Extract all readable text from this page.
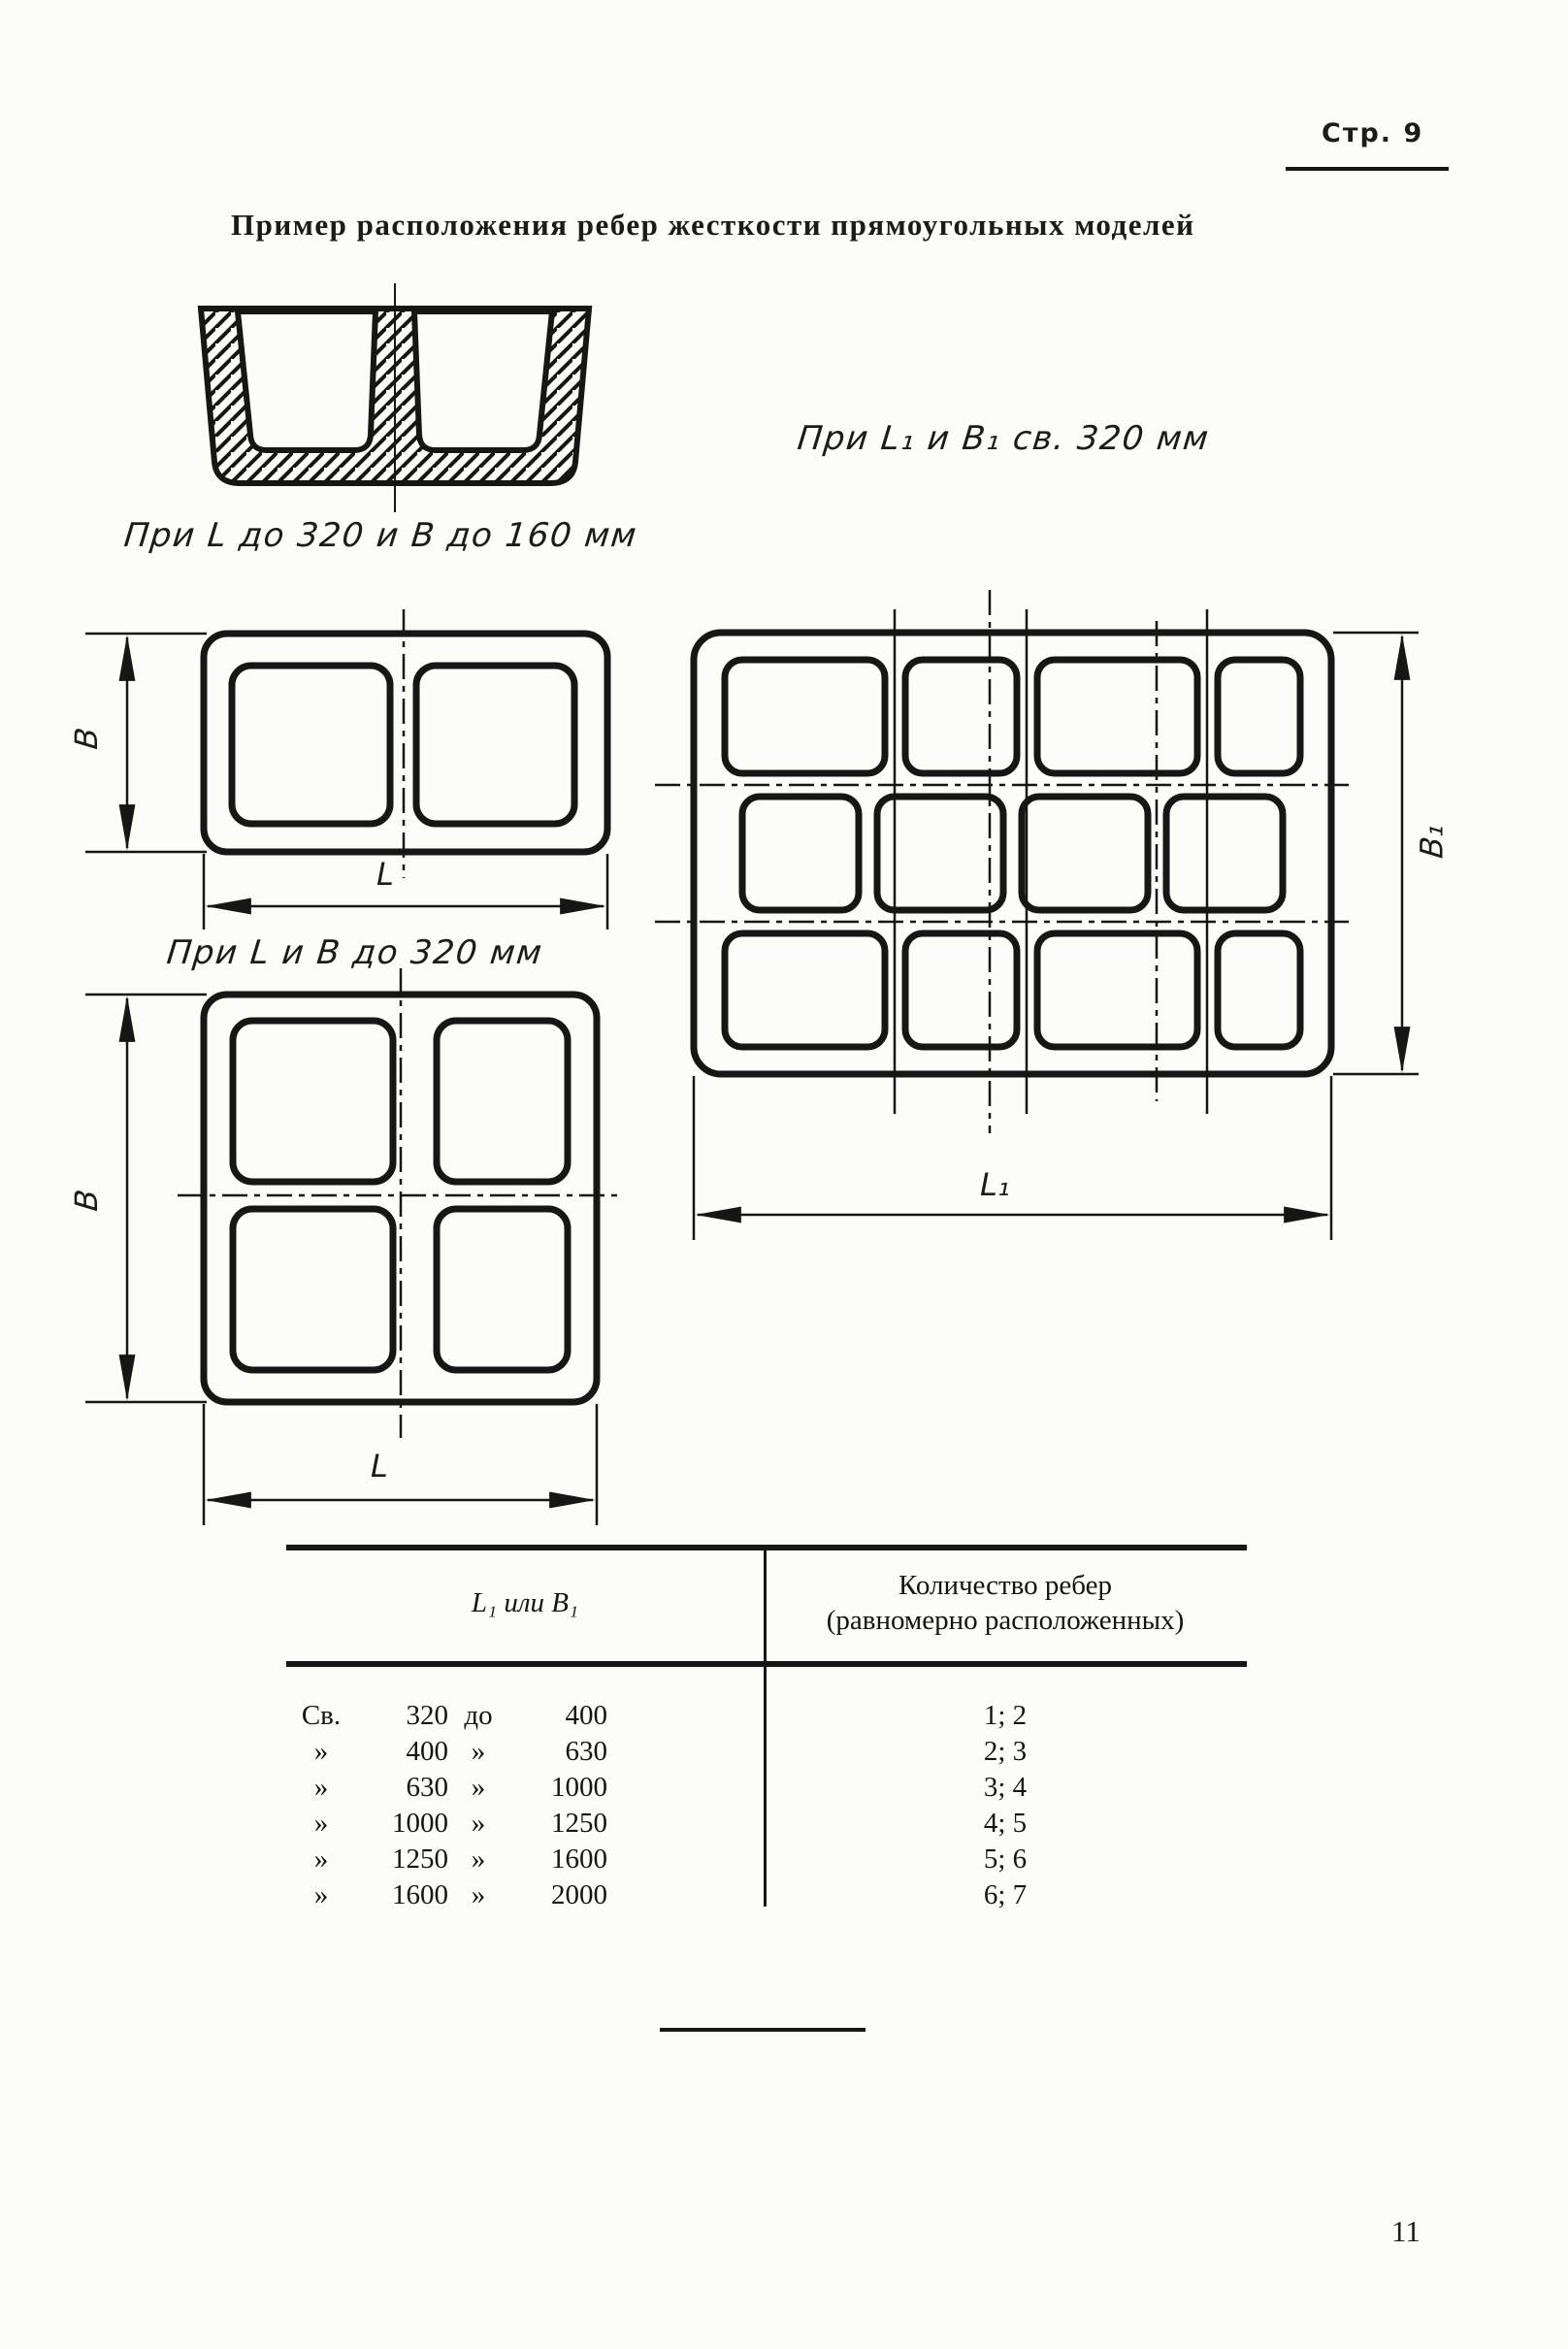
Стр. 9
Пример расположения ребер жесткости прямоугольных моделей
При L₁ и В₁ св. 320 мм
При L до 320 и В до 160 мм
В
L
При L и В до 320 мм
В
L
В₁
L₁
L₁ или В₁
Количество ребер
(равномерно расположенных)
Св.	320 до	400	1; 2
»	400 »	630	2; 3
»	630 »	1000	3; 4
»	1000 »	1250	4; 5
»	1250 »	1600	5; 6
»	1600 »	2000	6; 7
11
